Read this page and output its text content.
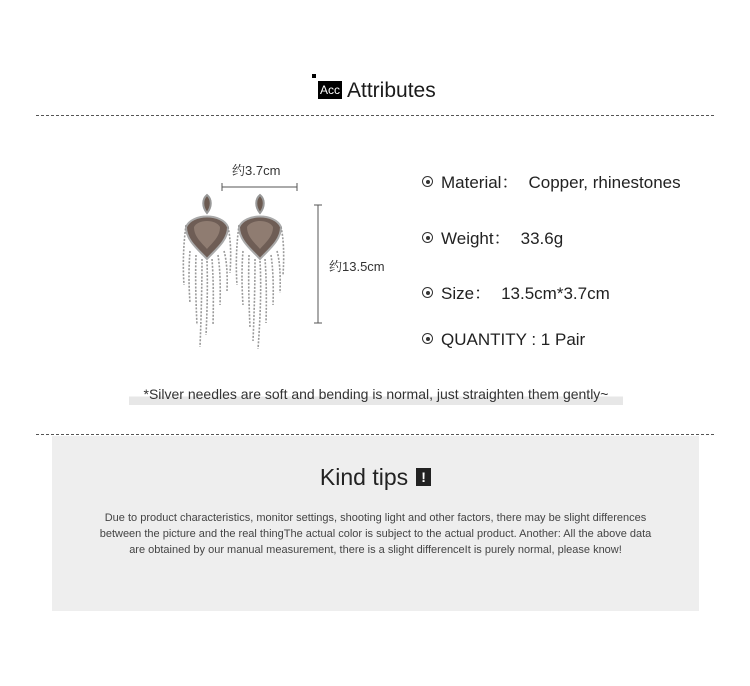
Acc Attributes
约3.7cm
约13.5cm
Material： Copper, rhinestones
Weight： 33.6g
Size： 13.5cm*3.7cm
QUANTITY : 1 Pair
*Silver needles are soft and bending is normal, just straighten them gently~
Kind tips !
Due to product characteristics, monitor settings, shooting light and other factors, there may be slight differences between the picture and the real thingThe actual color is subject to the actual product. Another: All the above data are obtained by our manual measurement, there is a slight differenceIt is purely normal, please know!
